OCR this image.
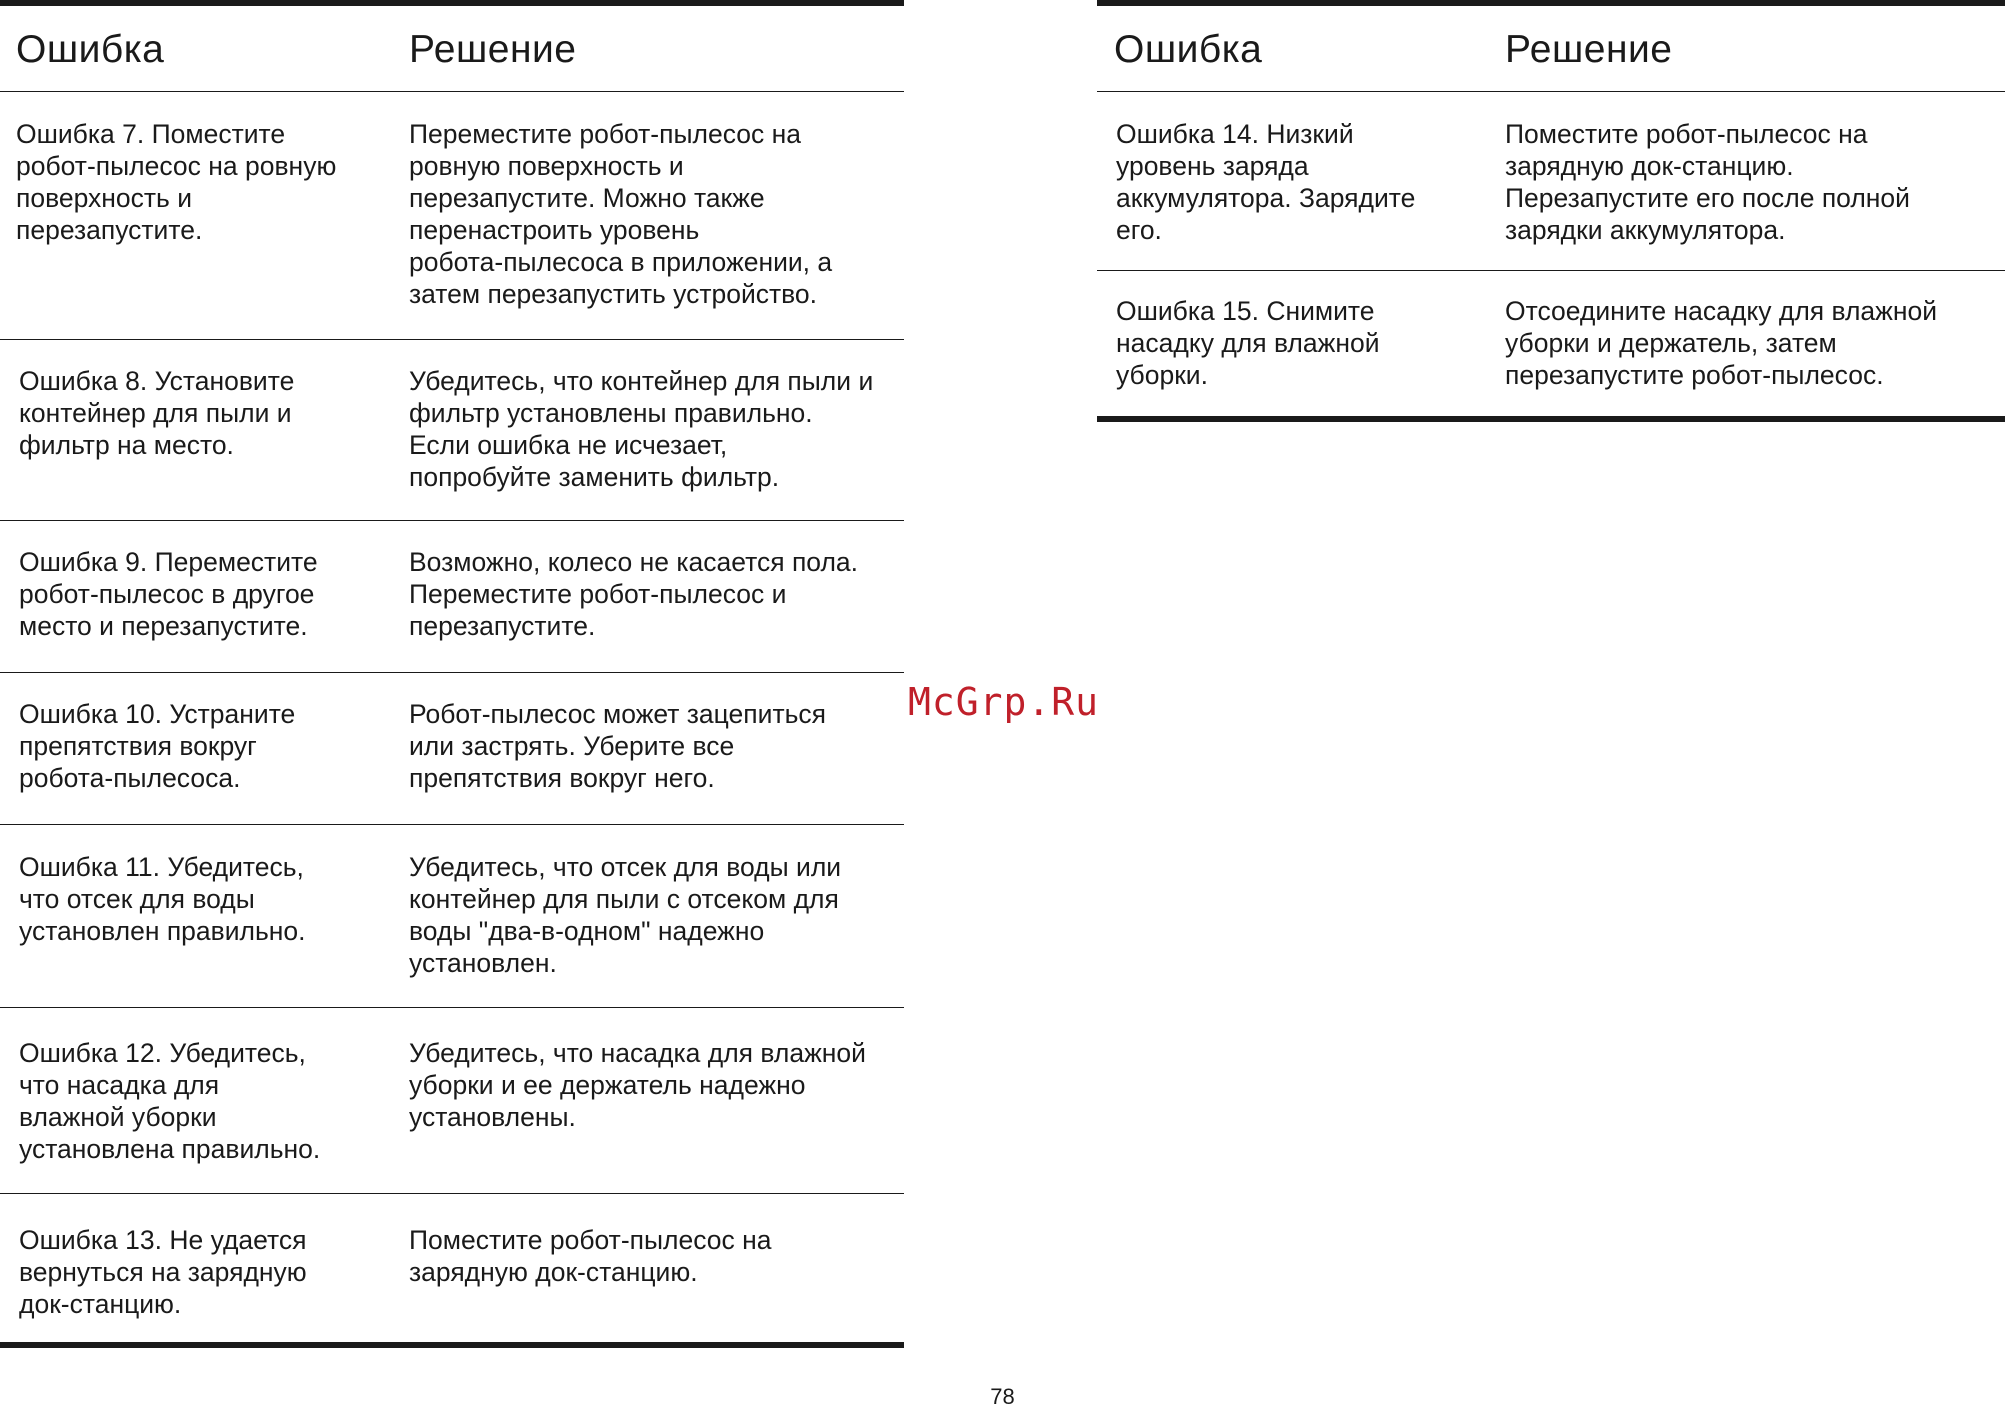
Ошибка	Решение
Ошибка 7. Поместите
робот-пылесос на ровную
поверхность и
перезапустите.
Переместите робот-пылесос на
ровную поверхность и
перезапустите. Можно также
перенастроить уровень
робота-пылесоса в приложении, а
затем перезапустить устройство.
Ошибка 8. Установите
контейнер для пыли и
фильтр на место.
Убедитесь, что контейнер для пыли и
фильтр установлены правильно.
Если ошибка не исчезает,
попробуйте заменить фильтр.
Ошибка 9. Переместите
робот-пылесос в другое
место и перезапустите.
Возможно, колесо не касается пола.
Переместите робот-пылесос и
перезапустите.
Ошибка 10. Устраните
препятствия вокруг
робота-пылесоса.
Робот-пылесос может зацепиться
или застрять. Уберите все
препятствия вокруг него.
Ошибка 11. Убедитесь,
что отсек для воды
установлен правильно.
Убедитесь, что отсек для воды или
контейнер для пыли с отсеком для
воды "два-в-одном" надежно
установлен.
Ошибка 12. Убедитесь,
что насадка для
влажной уборки
установлена правильно.
Убедитесь, что насадка для влажной
уборки и ее держатель надежно
установлены.
Ошибка 13. Не удается
вернуться на зарядную
док-станцию.
Поместите робот-пылесос на
зарядную док-станцию.
Ошибка	Решение
Ошибка 14. Низкий
уровень заряда
аккумулятора. Зарядите
его.
Поместите робот-пылесос на
зарядную док-станцию.
Перезапустите его после полной
зарядки аккумулятора.
Ошибка 15. Снимите
насадку для влажной
уборки.
Отсоедините насадку для влажной
уборки и держатель, затем
перезапустите робот-пылесос.
McGrp.Ru
78
